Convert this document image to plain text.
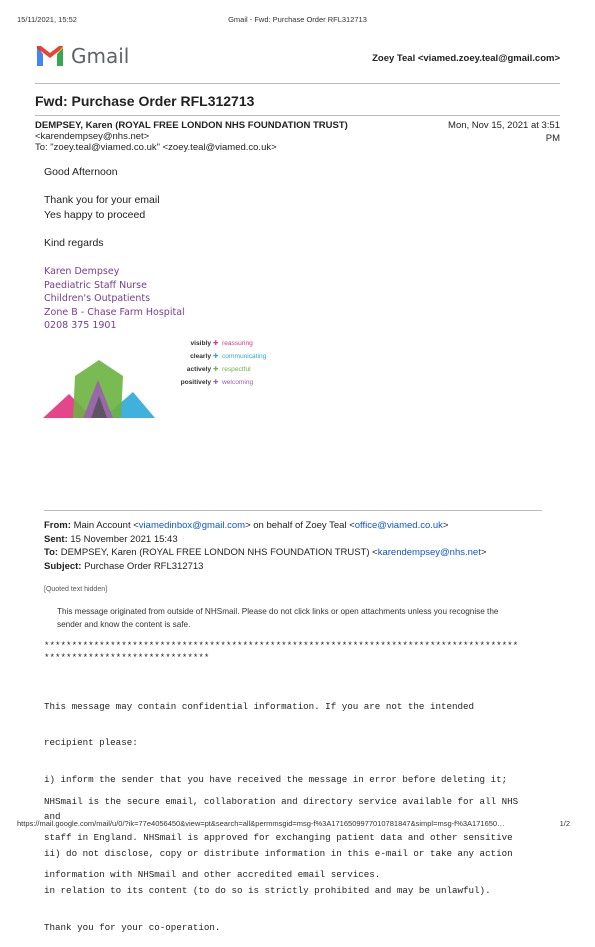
15/11/2021, 15:52	Gmail - Fwd: Purchase Order RFL312713
Gmail	Zoey Teal <viamed.zoey.teal@gmail.com>
Fwd: Purchase Order RFL312713
DEMPSEY, Karen (ROYAL FREE LONDON NHS FOUNDATION TRUST)
<karendempsey@nhs.net>
To: "zoey.teal@viamed.co.uk" <zoey.teal@viamed.co.uk>
Mon, Nov 15, 2021 at 3:51
PM
Good Afternoon
Thank you for your email
Yes happy to proceed
Kind regards
Karen Dempsey
Paediatric Staff Nurse
Children's Outpatients
Zone B - Chase Farm Hospital
0208 375 1901
visibly ✚ reassuring
clearly ✚ communicating
actively ✚ respectful
positively ✚ welcoming
From: Main Account <viamedinbox@gmail.com> on behalf of Zoey Teal <office@viamed.co.uk>
Sent: 15 November 2021 15:43
To: DEMPSEY, Karen (ROYAL FREE LONDON NHS FOUNDATION TRUST) <karendempsey@nhs.net>
Subject: Purchase Order RFL312713
[Quoted text hidden]
This message originated from outside of NHSmail. Please do not click links or open attachments unless you recognise the
sender and know the content is safe.
**************************************************************************************
******************************

This message may contain confidential information. If you are not the intended

recipient please:

i) inform the sender that you have received the message in error before deleting it;

and

ii) do not disclose, copy or distribute information in this e-mail or take any action

in relation to its content (to do so is strictly prohibited and may be unlawful).

Thank you for your co-operation.

NHSmail is the secure email, collaboration and directory service available for all NHS

staff in England. NHSmail is approved for exchanging patient data and other sensitive

information with NHSmail and other accredited email services.

https://mail.google.com/mail/u/0/?ik=77e4056450&view=pt&search=all&permmsgid=msg-f%3A1716509977010781847&simpl=msg-f%3A171650…	1/2
